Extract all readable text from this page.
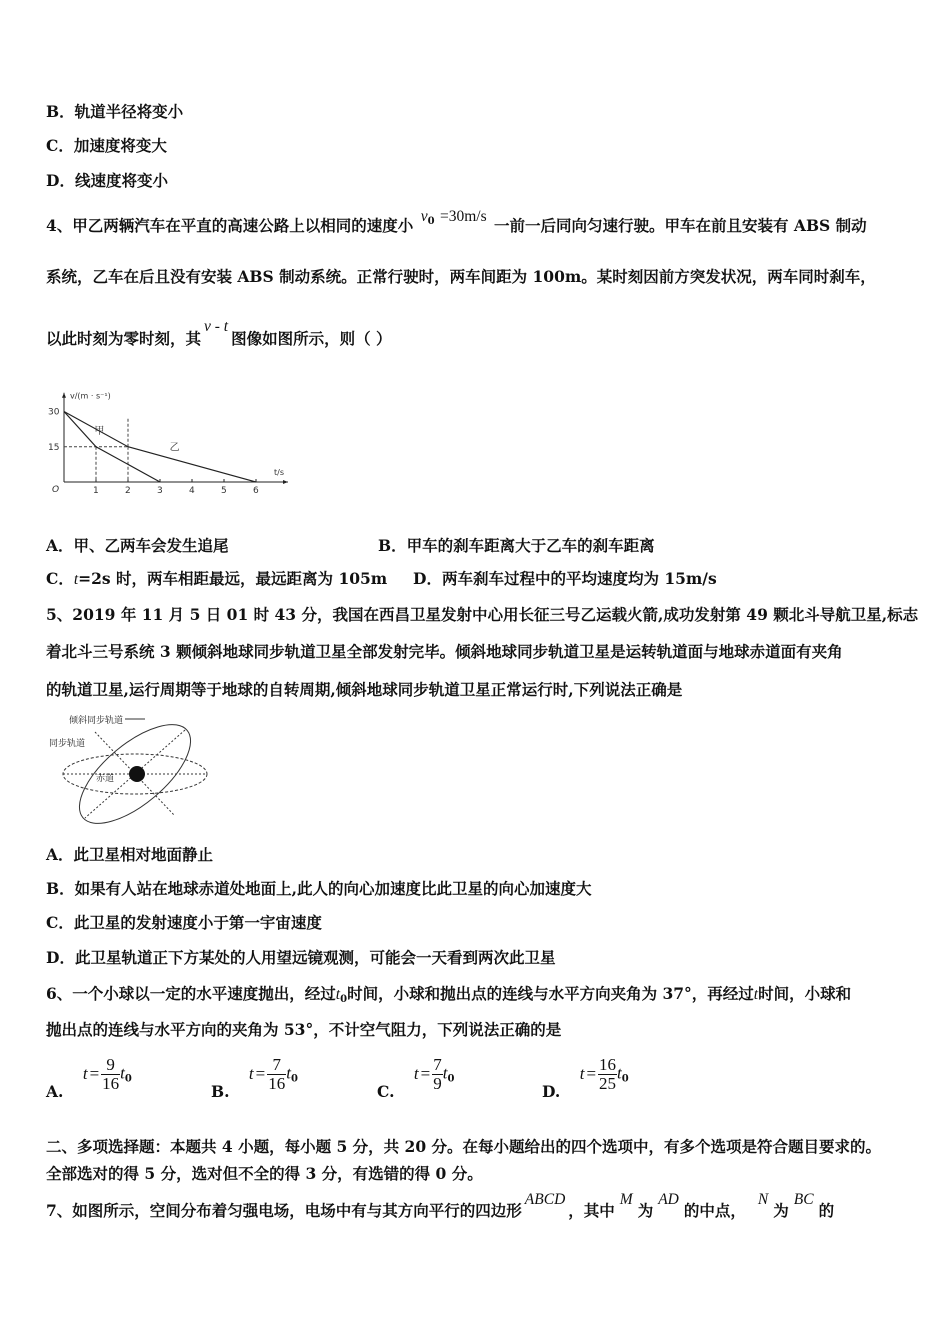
B．轨道半径将变小
C．加速度将变大
D．线速度将变小
4、甲乙两辆汽车在平直的高速公路上以相同的速度小 $v_0 =30m/s$ 一前一后同向匀速行驶。甲车在前且安装有 ABS 制动
系统，乙车在后且没有安装 ABS 制动系统。正常行驶时，两车间距为 100m。某时刻因前方突发状况，两车同时刹车，
以此时刻为零时刻，其v - t图像如图所示，则（ ）
v/(m · s⁻¹)
t/s
O	1	2	3	4	5	6
15
30
甲
乙
A．甲、乙两车会发生追尾	B．甲车的刹车距离大于乙车的刹车距离
C．t=2s 时，两车相距最远，最远距离为 105m D．两车刹车过程中的平均速度均为 15m/s
5、2019 年 11 月 5 日 01 时 43 分，我国在西昌卫星发射中心用长征三号乙运载火箭,成功发射第 49 颗北斗导航卫星,标志
着北斗三号系统 3 颗倾斜地球同步轨道卫星全部发射完毕。倾斜地球同步轨道卫星是运转轨道面与地球赤道面有夹角
的轨道卫星,运行周期等于地球的自转周期,倾斜地球同步轨道卫星正常运行时,下列说法正确是
倾斜同步轨道
同步轨道
赤道
A．此卫星相对地面静止
B．如果有人站在地球赤道处地面上,此人的向心加速度比此卫星的向心加速度大
C．此卫星的发射速度小于第一宇宙速度
D．此卫星轨道正下方某处的人用望远镜观测，可能会一天看到两次此卫星
6、一个小球以一定的水平速度抛出，经过$t_0$时间，小球和抛出点的连线与水平方向夹角为 37°，再经过t时间，小球和
抛出点的连线与水平方向的夹角为 53°，不计空气阻力，下列说法正确的是
A. $t = \frac{9}{16} t_0$
B. $t = \frac{7}{16} t_0$
C. $t = \frac{7}{9} t_0$
D. $t = \frac{16}{25} t_0$
二、多项选择题：本题共 4 小题，每小题 5 分，共 20 分。在每小题给出的四个选项中，有多个选项是符合题目要求的。
全部选对的得 5 分，选对但不全的得 3 分，有选错的得 0 分。
7、如图所示，空间分布着匀强电场，电场中有与其方向平行的四边形ABCD，其中M为AD的中点，N为BC的
